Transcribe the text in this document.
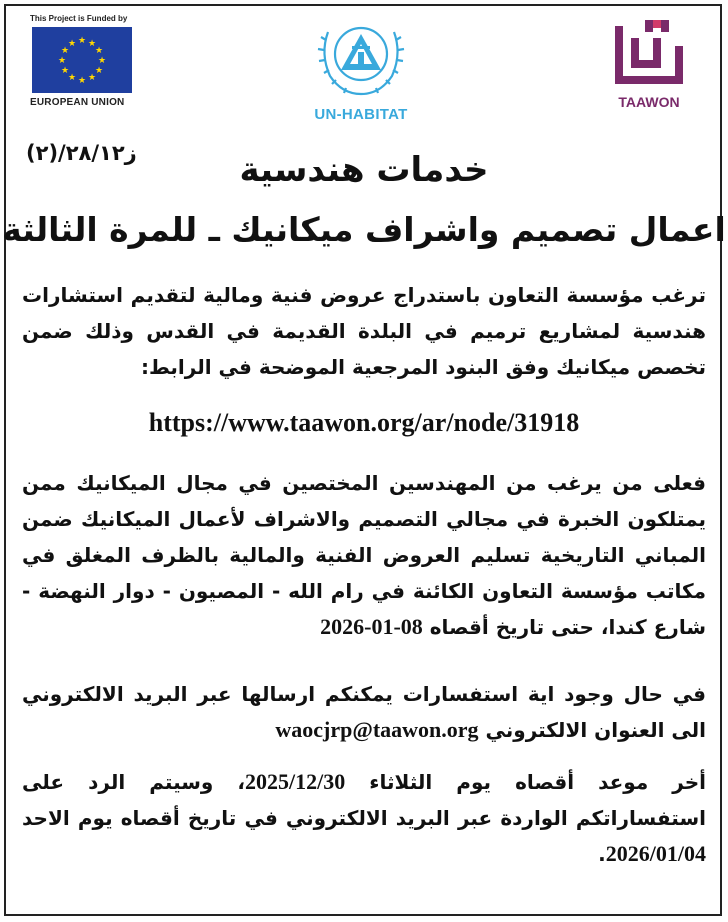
This Project is Funded by
★ ★
★
★
★
★
★
★
★
★
★
★
EUROPEAN UNION
UN-HABITAT
TAAWON
ز٢٨/١٢/(٢)	خدمات هندسية
اعمال تصميم واشراف ميكانيك ـ للمرة الثالثة
ترغب مؤسسة التعاون باستدراج عروض فنية ومالية لتقديم استشارات هندسية لمشاريع ترميم في البلدة القديمة في القدس وذلك ضمن تخصص ميكانيك وفق البنود المرجعية الموضحة في الرابط:
https://www.taawon.org/ar/node/31918
فعلى من يرغب من المهندسين المختصين في مجال الميكانيك ممن يمتلكون الخبرة في مجالي التصميم والاشراف لأعمال الميكانيك ضمن المباني التاريخية تسليم العروض الفنية والمالية بالظرف المغلق في مكاتب مؤسسة التعاون الكائنة في رام الله - المصيون - دوار النهضة - شارع كندا، حتى تاريخ أقصاه 2026-01-08
في حال وجود اية استفسارات يمكنكم ارسالها عبر البريد الالكتروني الى العنوان الالكتروني waocjrp@taawon.org
أخر موعد أقصاه يوم الثلاثاء 2025/12/30، وسيتم الرد على استفساراتكم الواردة عبر البريد الالكتروني في تاريخ أقصاه يوم الاحد 2026/01/04.
